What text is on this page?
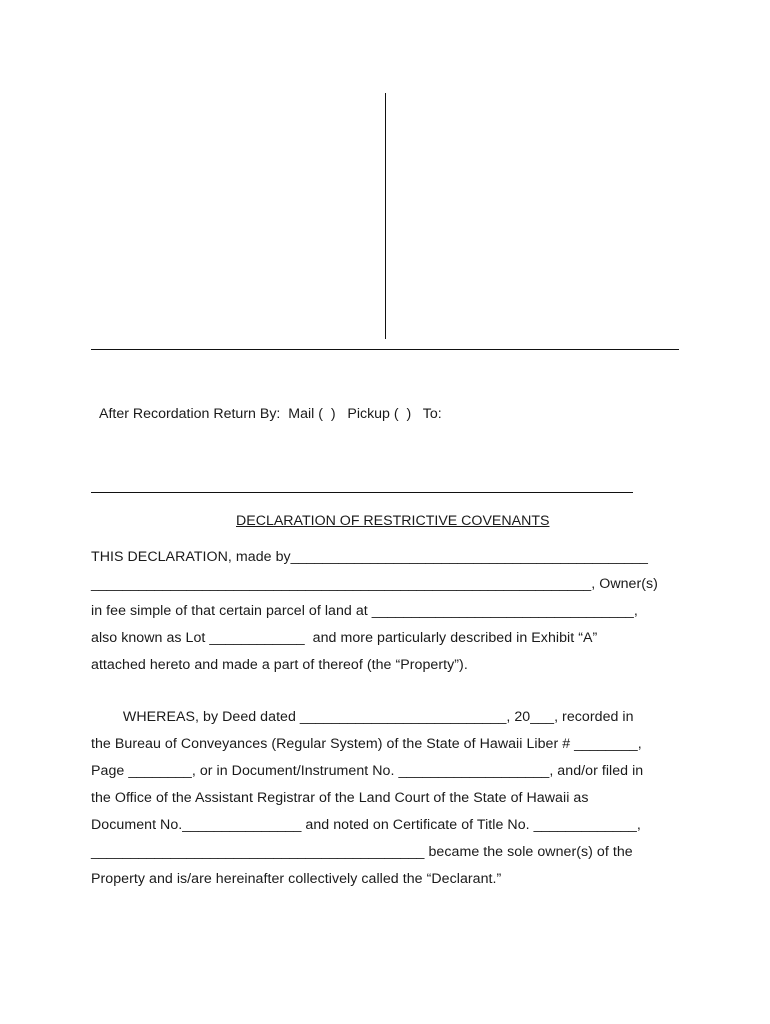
After Recordation Return By:  Mail (  )   Pickup (  )   To:
DECLARATION OF RESTRICTIVE COVENANTS
THIS DECLARATION, made by_____________________________________________
_______________________________________________________________, Owner(s)
in fee simple of that certain parcel of land at _________________________________,
also known as Lot ____________  and more particularly described in Exhibit “A”
attached hereto and made a part of thereof (the “Property”).
WHEREAS, by Deed dated __________________________, 20___, recorded in
the Bureau of Conveyances (Regular System) of the State of Hawaii Liber # ________,
Page ________, or in Document/Instrument No. ___________________, and/or filed in
the Office of the Assistant Registrar of the Land Court of the State of Hawaii as
Document No._______________ and noted on Certificate of Title No. _____________,
__________________________________________ became the sole owner(s) of the
Property and is/are hereinafter collectively called the “Declarant.”
